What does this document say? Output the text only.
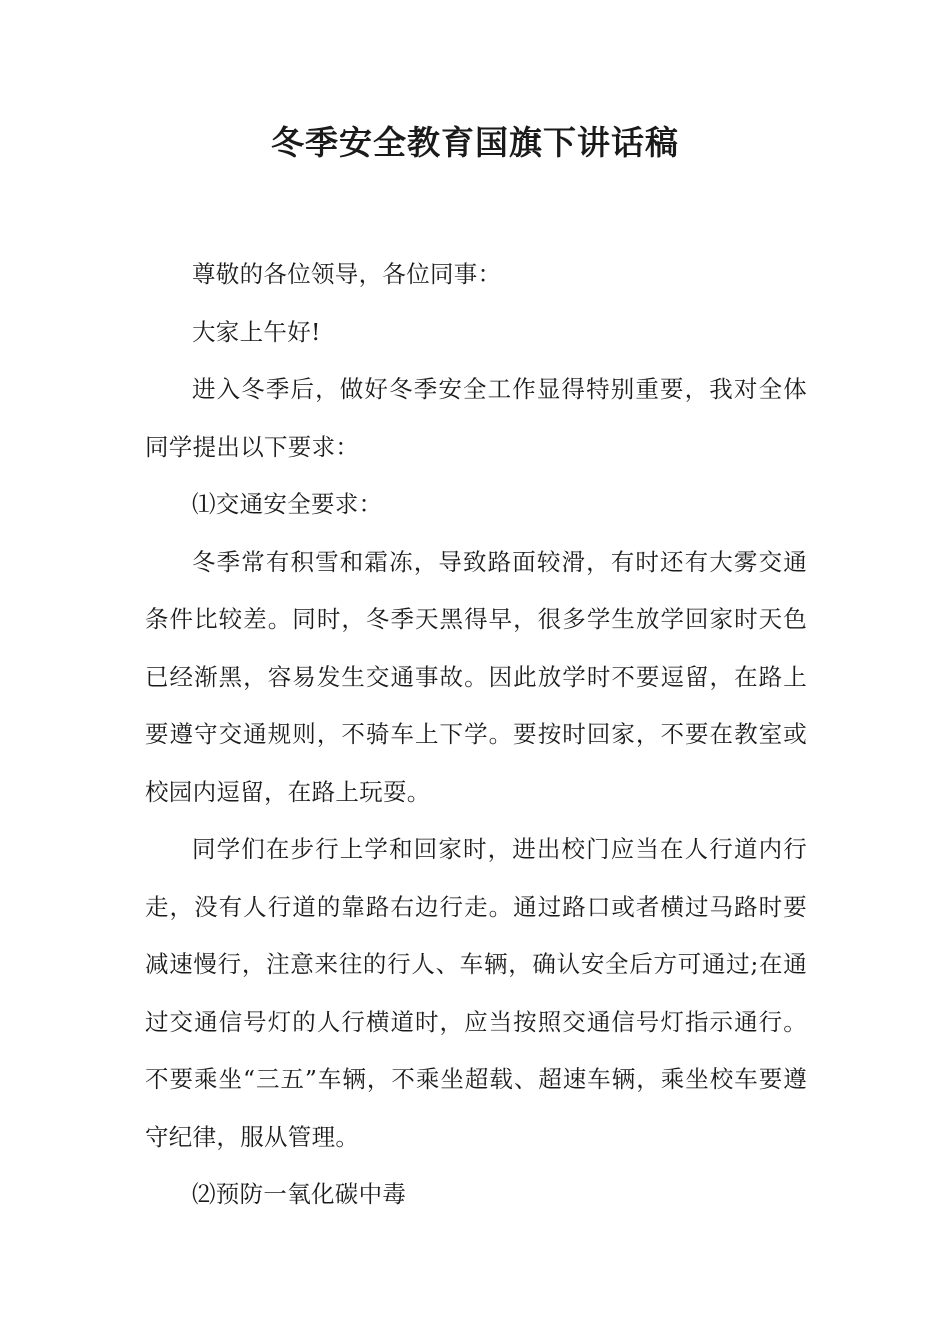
冬季安全教育国旗下讲话稿

尊敬的各位领导，各位同事：

大家上午好!

进入冬季后，做好冬季安全工作显得特别重要，我对全体同学提出以下要求：

⑴交通安全要求：

冬季常有积雪和霜冻，导致路面较滑，有时还有大雾交通条件比较差。同时，冬季天黑得早，很多学生放学回家时天色已经渐黑，容易发生交通事故。因此放学时不要逗留，在路上要遵守交通规则，不骑车上下学。要按时回家，不要在教室或校园内逗留，在路上玩耍。

同学们在步行上学和回家时，进出校门应当在人行道内行走，没有人行道的靠路右边行走。通过路口或者横过马路时要减速慢行，注意来往的行人、车辆，确认安全后方可通过;在通过交通信号灯的人行横道时，应当按照交通信号灯指示通行。不要乘坐“三五”车辆，不乘坐超载、超速车辆，乘坐校车要遵守纪律，服从管理。

⑵预防一氧化碳中毒
